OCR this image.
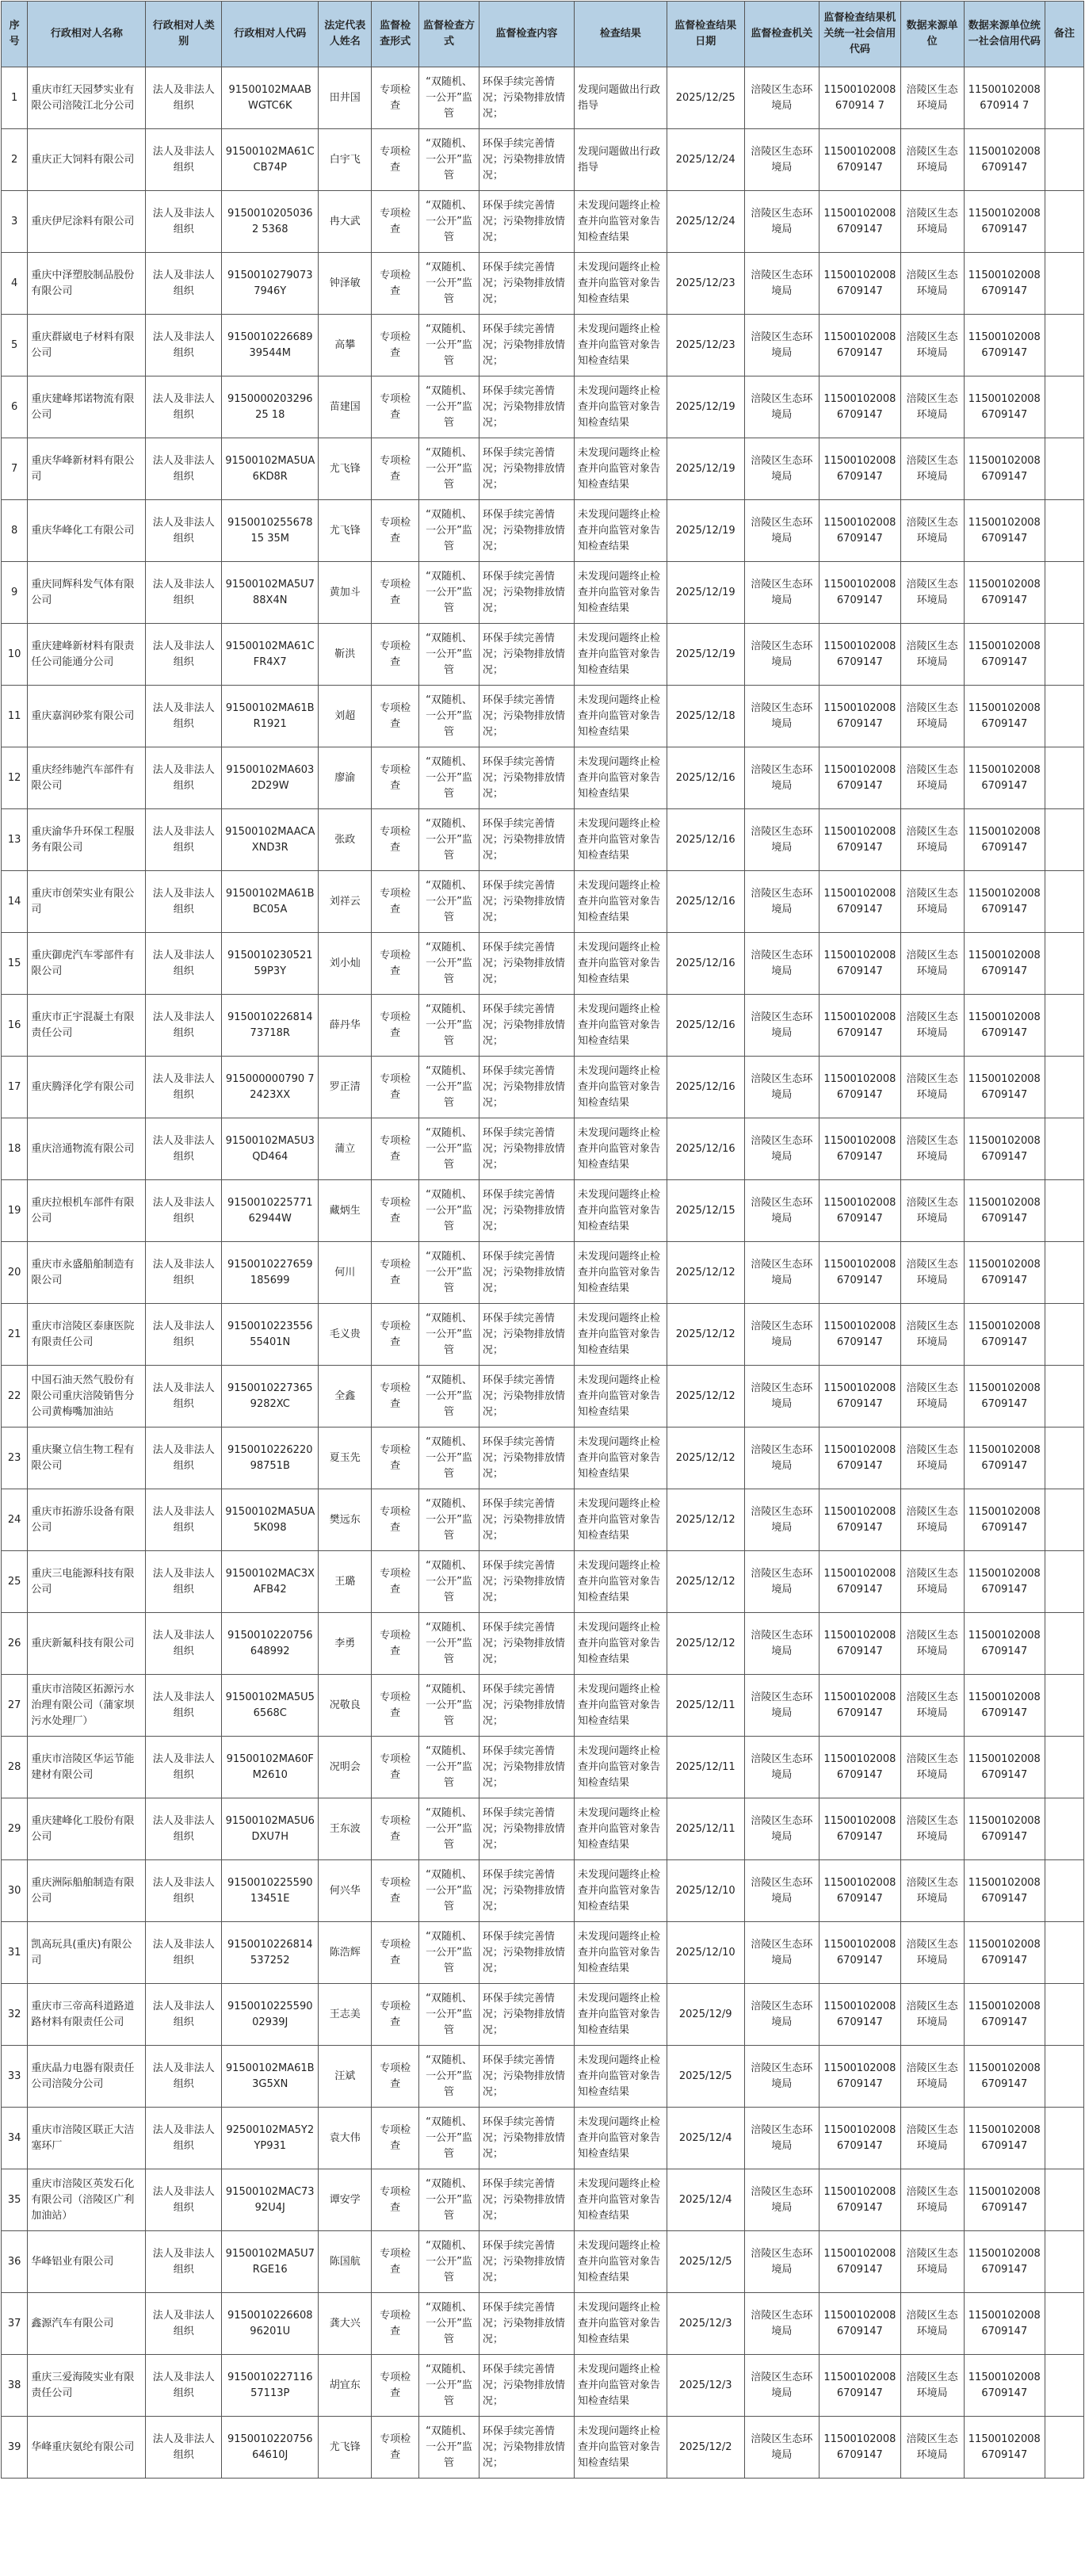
序号	行政相对人名称	行政相对人类别	行政相对人代码	法定代表人姓名	监督检查形式	监督检查方式	监督检查内容	检查结果	监督检查结果日期	监督检查机关	监督检查结果机关统一社会信用代码	数据来源单位	数据来源单位统一社会信用代码	备注
1	重庆市红天园梦实业有限公司涪陵江北分公司	法人及非法人组织	91500102MAABWGTC6K	田井国	专项检查	“双随机、一公开”监管	环保手续完善情况；污染物排放情况；	发现问题做出行政指导	2025/12/25	涪陵区生态环境局	11500102008670914 7	涪陵区生态环境局	11500102008670914 7	
2	重庆正大饲料有限公司	法人及非法人组织	91500102MA61CCB74P	白宇飞	专项检查	“双随机、一公开”监管	环保手续完善情况；污染物排放情况；	发现问题做出行政指导	2025/12/24	涪陵区生态环境局	115001020086709147	涪陵区生态环境局	115001020086709147	
3	重庆伊尼涂料有限公司	法人及非法人组织	91500102050362 5368	冉大武	专项检查	“双随机、一公开”监管	环保手续完善情况；污染物排放情况；	未发现问题终止检查并向监管对象告知检查结果	2025/12/24	涪陵区生态环境局	115001020086709147	涪陵区生态环境局	115001020086709147	
4	重庆中泽塑胶制品股份有限公司	法人及非法人组织	91500102790737946Y	钟泽敏	专项检查	“双随机、一公开”监管	环保手续完善情况；污染物排放情况；	未发现问题终止检查并向监管对象告知检查结果	2025/12/23	涪陵区生态环境局	115001020086709147	涪陵区生态环境局	115001020086709147	
5	重庆群崴电子材料有限公司	法人及非法人组织	915001022668939544M	高攀	专项检查	“双随机、一公开”监管	环保手续完善情况；污染物排放情况；	未发现问题终止检查并向监管对象告知检查结果	2025/12/23	涪陵区生态环境局	115001020086709147	涪陵区生态环境局	115001020086709147	
6	重庆建峰邦诺物流有限公司	法人及非法人组织	915000020329625 18	苗建国	专项检查	“双随机、一公开”监管	环保手续完善情况；污染物排放情况；	未发现问题终止检查并向监管对象告知检查结果	2025/12/19	涪陵区生态环境局	115001020086709147	涪陵区生态环境局	115001020086709147	
7	重庆华峰新材料有限公司	法人及非法人组织	91500102MA5UA6KD8R	尤飞锋	专项检查	“双随机、一公开”监管	环保手续完善情况；污染物排放情况；	未发现问题终止检查并向监管对象告知检查结果	2025/12/19	涪陵区生态环境局	115001020086709147	涪陵区生态环境局	115001020086709147	
8	重庆华峰化工有限公司	法人及非法人组织	915001025567815 35M	尤飞锋	专项检查	“双随机、一公开”监管	环保手续完善情况；污染物排放情况；	未发现问题终止检查并向监管对象告知检查结果	2025/12/19	涪陵区生态环境局	115001020086709147	涪陵区生态环境局	115001020086709147	
9	重庆同辉科发气体有限公司	法人及非法人组织	91500102MA5U788X4N	黄加斗	专项检查	“双随机、一公开”监管	环保手续完善情况；污染物排放情况；	未发现问题终止检查并向监管对象告知检查结果	2025/12/19	涪陵区生态环境局	115001020086709147	涪陵区生态环境局	115001020086709147	
10	重庆建峰新材料有限责任公司能通分公司	法人及非法人组织	91500102MA61CFR4X7	靳洪	专项检查	“双随机、一公开”监管	环保手续完善情况；污染物排放情况；	未发现问题终止检查并向监管对象告知检查结果	2025/12/19	涪陵区生态环境局	115001020086709147	涪陵区生态环境局	115001020086709147	
11	重庆嘉润砂浆有限公司	法人及非法人组织	91500102MA61BR1921	刘超	专项检查	“双随机、一公开”监管	环保手续完善情况；污染物排放情况；	未发现问题终止检查并向监管对象告知检查结果	2025/12/18	涪陵区生态环境局	115001020086709147	涪陵区生态环境局	115001020086709147	
12	重庆经纬驰汽车部件有限公司	法人及非法人组织	91500102MA6032D29W	廖渝	专项检查	“双随机、一公开”监管	环保手续完善情况；污染物排放情况；	未发现问题终止检查并向监管对象告知检查结果	2025/12/16	涪陵区生态环境局	115001020086709147	涪陵区生态环境局	115001020086709147	
13	重庆渝华升环保工程服务有限公司	法人及非法人组织	91500102MAACAXND3R	张政	专项检查	“双随机、一公开”监管	环保手续完善情况；污染物排放情况；	未发现问题终止检查并向监管对象告知检查结果	2025/12/16	涪陵区生态环境局	115001020086709147	涪陵区生态环境局	115001020086709147	
14	重庆市创荣实业有限公司	法人及非法人组织	91500102MA61BBC05A	刘祥云	专项检查	“双随机、一公开”监管	环保手续完善情况；污染物排放情况；	未发现问题终止检查并向监管对象告知检查结果	2025/12/16	涪陵区生态环境局	115001020086709147	涪陵区生态环境局	115001020086709147	
15	重庆御虎汽车零部件有限公司	法人及非法人组织	9150010230521 59P3Y	刘小灿	专项检查	“双随机、一公开”监管	环保手续完善情况；污染物排放情况；	未发现问题终止检查并向监管对象告知检查结果	2025/12/16	涪陵区生态环境局	115001020086709147	涪陵区生态环境局	115001020086709147	
16	重庆市正宇混凝土有限责任公司	法人及非法人组织	915001022681473718R	薛丹华	专项检查	“双随机、一公开”监管	环保手续完善情况；污染物排放情况；	未发现问题终止检查并向监管对象告知检查结果	2025/12/16	涪陵区生态环境局	115001020086709147	涪陵区生态环境局	115001020086709147	
17	重庆腾泽化学有限公司	法人及非法人组织	915000000790 72423XX	罗正清	专项检查	“双随机、一公开”监管	环保手续完善情况；污染物排放情况；	未发现问题终止检查并向监管对象告知检查结果	2025/12/16	涪陵区生态环境局	115001020086709147	涪陵区生态环境局	115001020086709147	
18	重庆涪通物流有限公司	法人及非法人组织	91500102MA5U3QD464	蒲立	专项检查	“双随机、一公开”监管	环保手续完善情况；污染物排放情况；	未发现问题终止检查并向监管对象告知检查结果	2025/12/16	涪陵区生态环境局	115001020086709147	涪陵区生态环境局	115001020086709147	
19	重庆拉根机车部件有限公司	法人及非法人组织	915001022577162944W	藏炳生	专项检查	“双随机、一公开”监管	环保手续完善情况；污染物排放情况；	未发现问题终止检查并向监管对象告知检查结果	2025/12/15	涪陵区生态环境局	115001020086709147	涪陵区生态环境局	115001020086709147	
20	重庆市永盛船舶制造有限公司	法人及非法人组织	9150010227659185699	何川	专项检查	“双随机、一公开”监管	环保手续完善情况；污染物排放情况；	未发现问题终止检查并向监管对象告知检查结果	2025/12/12	涪陵区生态环境局	115001020086709147	涪陵区生态环境局	115001020086709147	
21	重庆市涪陵区泰康医院有限责任公司	法人及非法人组织	915001022355655401N	毛义贵	专项检查	“双随机、一公开”监管	环保手续完善情况；污染物排放情况；	未发现问题终止检查并向监管对象告知检查结果	2025/12/12	涪陵区生态环境局	115001020086709147	涪陵区生态环境局	115001020086709147	
22	中国石油天然气股份有限公司重庆涪陵销售分公司黄梅嘴加油站	法人及非法人组织	91500102273659282XC	全鑫	专项检查	“双随机、一公开”监管	环保手续完善情况；污染物排放情况；	未发现问题终止检查并向监管对象告知检查结果	2025/12/12	涪陵区生态环境局	115001020086709147	涪陵区生态环境局	115001020086709147	
23	重庆聚立信生物工程有限公司	法人及非法人组织	915001022622098751B	夏玉先	专项检查	“双随机、一公开”监管	环保手续完善情况；污染物排放情况；	未发现问题终止检查并向监管对象告知检查结果	2025/12/12	涪陵区生态环境局	115001020086709147	涪陵区生态环境局	115001020086709147	
24	重庆市拓游乐设备有限公司	法人及非法人组织	91500102MA5UA5K098	樊远东	专项检查	“双随机、一公开”监管	环保手续完善情况；污染物排放情况；	未发现问题终止检查并向监管对象告知检查结果	2025/12/12	涪陵区生态环境局	115001020086709147	涪陵区生态环境局	115001020086709147	
25	重庆三电能源科技有限公司	法人及非法人组织	91500102MAC3XAFB42	王璐	专项检查	“双随机、一公开”监管	环保手续完善情况；污染物排放情况；	未发现问题终止检查并向监管对象告知检查结果	2025/12/12	涪陵区生态环境局	115001020086709147	涪陵区生态环境局	115001020086709147	
26	重庆新氟科技有限公司	法人及非法人组织	9150010220756648992	李勇	专项检查	“双随机、一公开”监管	环保手续完善情况；污染物排放情况；	未发现问题终止检查并向监管对象告知检查结果	2025/12/12	涪陵区生态环境局	115001020086709147	涪陵区生态环境局	115001020086709147	
27	重庆市涪陵区拓源污水治理有限公司（蒲家坝污水处理厂）	法人及非法人组织	91500102MA5U56568C	况敬良	专项检查	“双随机、一公开”监管	环保手续完善情况；污染物排放情况；	未发现问题终止检查并向监管对象告知检查结果	2025/12/11	涪陵区生态环境局	115001020086709147	涪陵区生态环境局	115001020086709147	
28	重庆市涪陵区华运节能建材有限公司	法人及非法人组织	91500102MA60FM2610	况明会	专项检查	“双随机、一公开”监管	环保手续完善情况；污染物排放情况；	未发现问题终止检查并向监管对象告知检查结果	2025/12/11	涪陵区生态环境局	115001020086709147	涪陵区生态环境局	115001020086709147	
29	重庆建峰化工股份有限公司	法人及非法人组织	91500102MA5U6DXU7H	王东波	专项检查	“双随机、一公开”监管	环保手续完善情况；污染物排放情况；	未发现问题终止检查并向监管对象告知检查结果	2025/12/11	涪陵区生态环境局	115001020086709147	涪陵区生态环境局	115001020086709147	
30	重庆洲际船舶制造有限公司	法人及非法人组织	915001022559013451E	何兴华	专项检查	“双随机、一公开”监管	环保手续完善情况；污染物排放情况；	未发现问题终止检查并向监管对象告知检查结果	2025/12/10	涪陵区生态环境局	115001020086709147	涪陵区生态环境局	115001020086709147	
31	凯高玩具(重庆)有限公司	法人及非法人组织	9150010226814537252	陈浩辉	专项检查	“双随机、一公开”监管	环保手续完善情况；污染物排放情况；	未发现问题终止检查并向监管对象告知检查结果	2025/12/10	涪陵区生态环境局	115001020086709147	涪陵区生态环境局	115001020086709147	
32	重庆市三帝高科道路道路材料有限责任公司	法人及非法人组织	915001022559002939J	王志美	专项检查	“双随机、一公开”监管	环保手续完善情况；污染物排放情况；	未发现问题终止检查并向监管对象告知检查结果	2025/12/9	涪陵区生态环境局	115001020086709147	涪陵区生态环境局	115001020086709147	
33	重庆晶力电器有限责任公司涪陵分公司	法人及非法人组织	91500102MA61B3G5XN	汪斌	专项检查	“双随机、一公开”监管	环保手续完善情况；污染物排放情况；	未发现问题终止检查并向监管对象告知检查结果	2025/12/5	涪陵区生态环境局	115001020086709147	涪陵区生态环境局	115001020086709147	
34	重庆市涪陵区联正大洁塞环厂	法人及非法人组织	92500102MA5Y2YP931	袁大伟	专项检查	“双随机、一公开”监管	环保手续完善情况；污染物排放情况；	未发现问题终止检查并向监管对象告知检查结果	2025/12/4	涪陵区生态环境局	115001020086709147	涪陵区生态环境局	115001020086709147	
35	重庆市涪陵区英发石化有限公司（涪陵区广利加油站）	法人及非法人组织	91500102MAC7392U4J	谭安学	专项检查	“双随机、一公开”监管	环保手续完善情况；污染物排放情况；	未发现问题终止检查并向监管对象告知检查结果	2025/12/4	涪陵区生态环境局	115001020086709147	涪陵区生态环境局	115001020086709147	
36	华峰铝业有限公司	法人及非法人组织	91500102MA5U7RGE16	陈国航	专项检查	“双随机、一公开”监管	环保手续完善情况；污染物排放情况；	未发现问题终止检查并向监管对象告知检查结果	2025/12/5	涪陵区生态环境局	115001020086709147	涪陵区生态环境局	115001020086709147	
37	鑫源汽车有限公司	法人及非法人组织	915001022660896201U	龚大兴	专项检查	“双随机、一公开”监管	环保手续完善情况；污染物排放情况；	未发现问题终止检查并向监管对象告知检查结果	2025/12/3	涪陵区生态环境局	115001020086709147	涪陵区生态环境局	115001020086709147	
38	重庆三爱海陵实业有限责任公司	法人及非法人组织	915001022711657113P	胡宜东	专项检查	“双随机、一公开”监管	环保手续完善情况；污染物排放情况；	未发现问题终止检查并向监管对象告知检查结果	2025/12/3	涪陵区生态环境局	115001020086709147	涪陵区生态环境局	115001020086709147	
39	华峰重庆氨纶有限公司	法人及非法人组织	915001022075664610J	尤飞锋	专项检查	“双随机、一公开”监管	环保手续完善情况；污染物排放情况；	未发现问题终止检查并向监管对象告知检查结果	2025/12/2	涪陵区生态环境局	115001020086709147	涪陵区生态环境局	115001020086709147	
